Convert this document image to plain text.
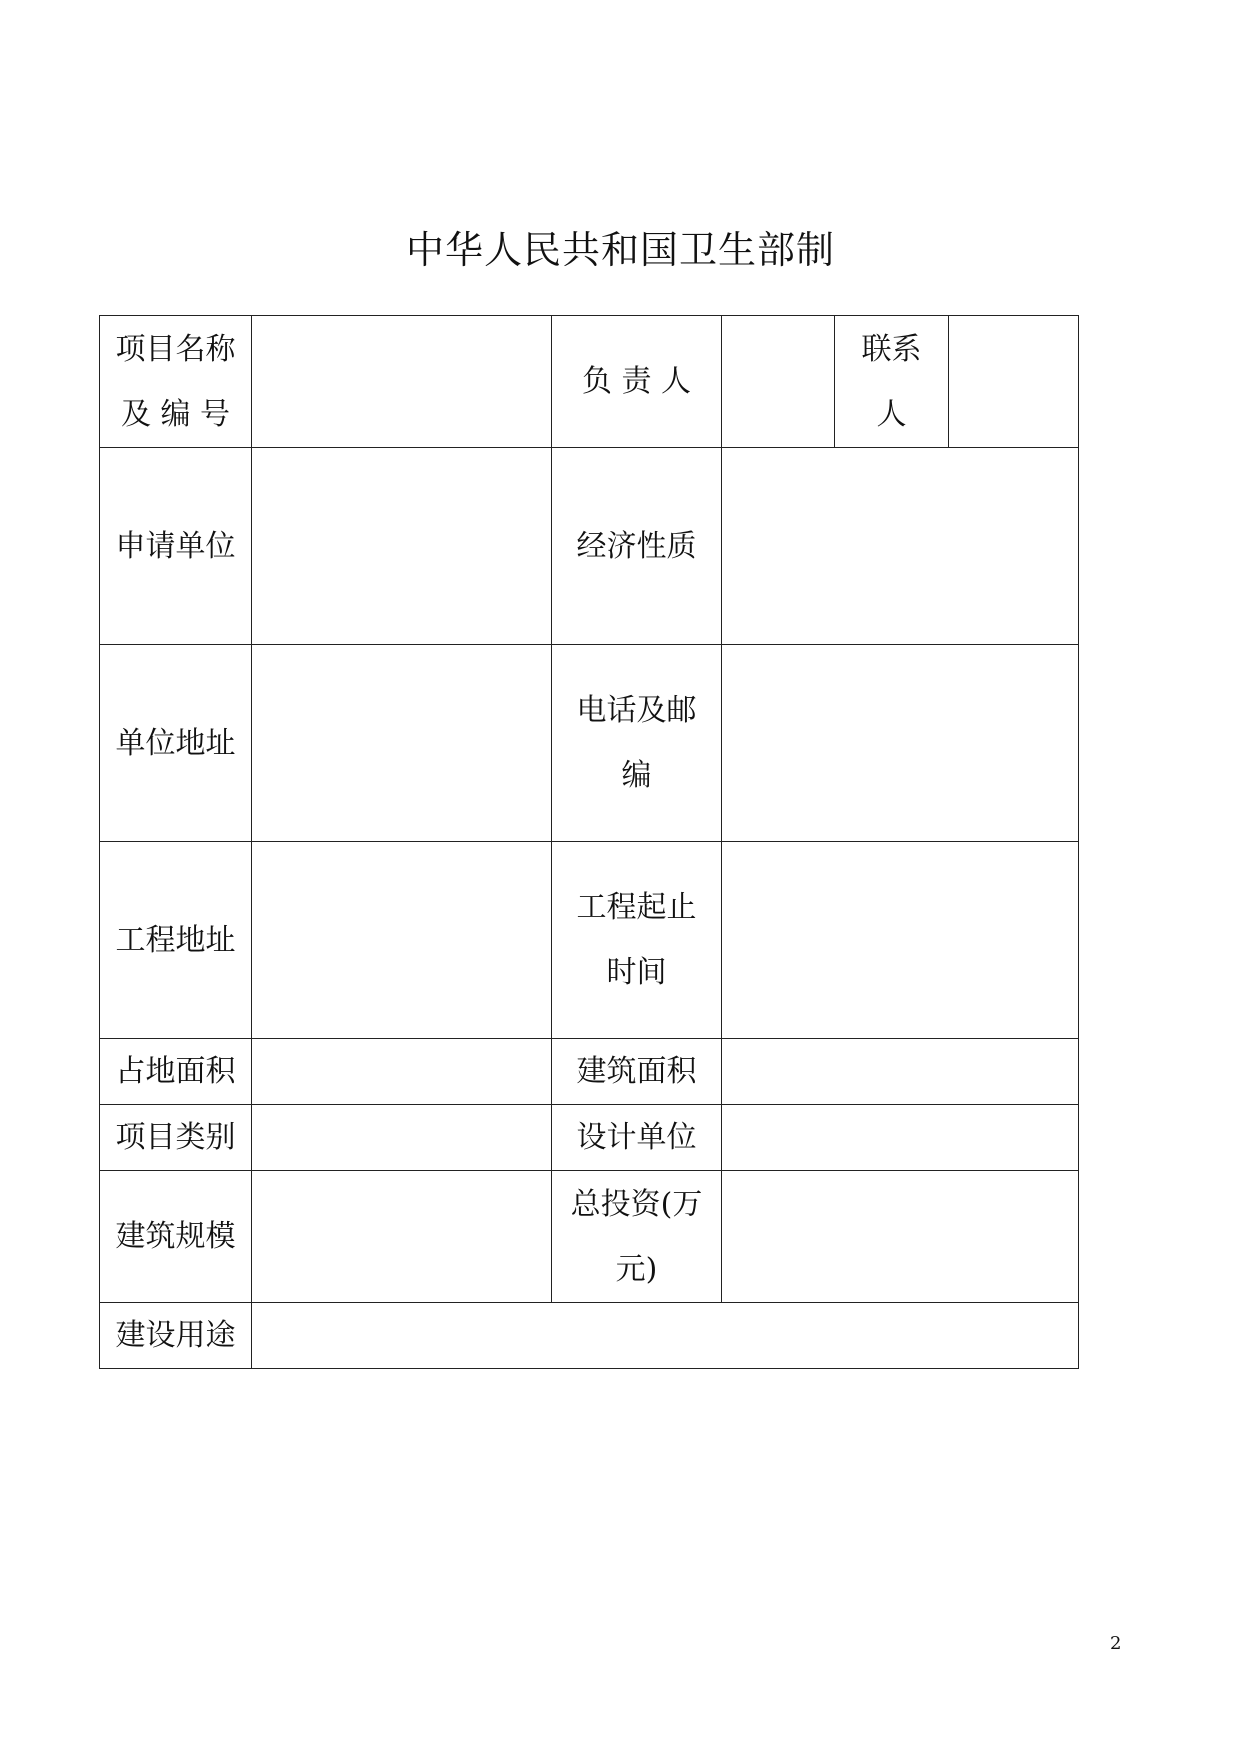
中华人民共和国卫生部制
项目名称
及 编 号		负 责 人		联系
人	
申请单位		经济性质			
单位地址		电话及邮
编			
工程地址		工程起止
时间			
占地面积		建筑面积			
项目类别		设计单位			
建筑规模		总投资(万
元)			
建设用途					
2
